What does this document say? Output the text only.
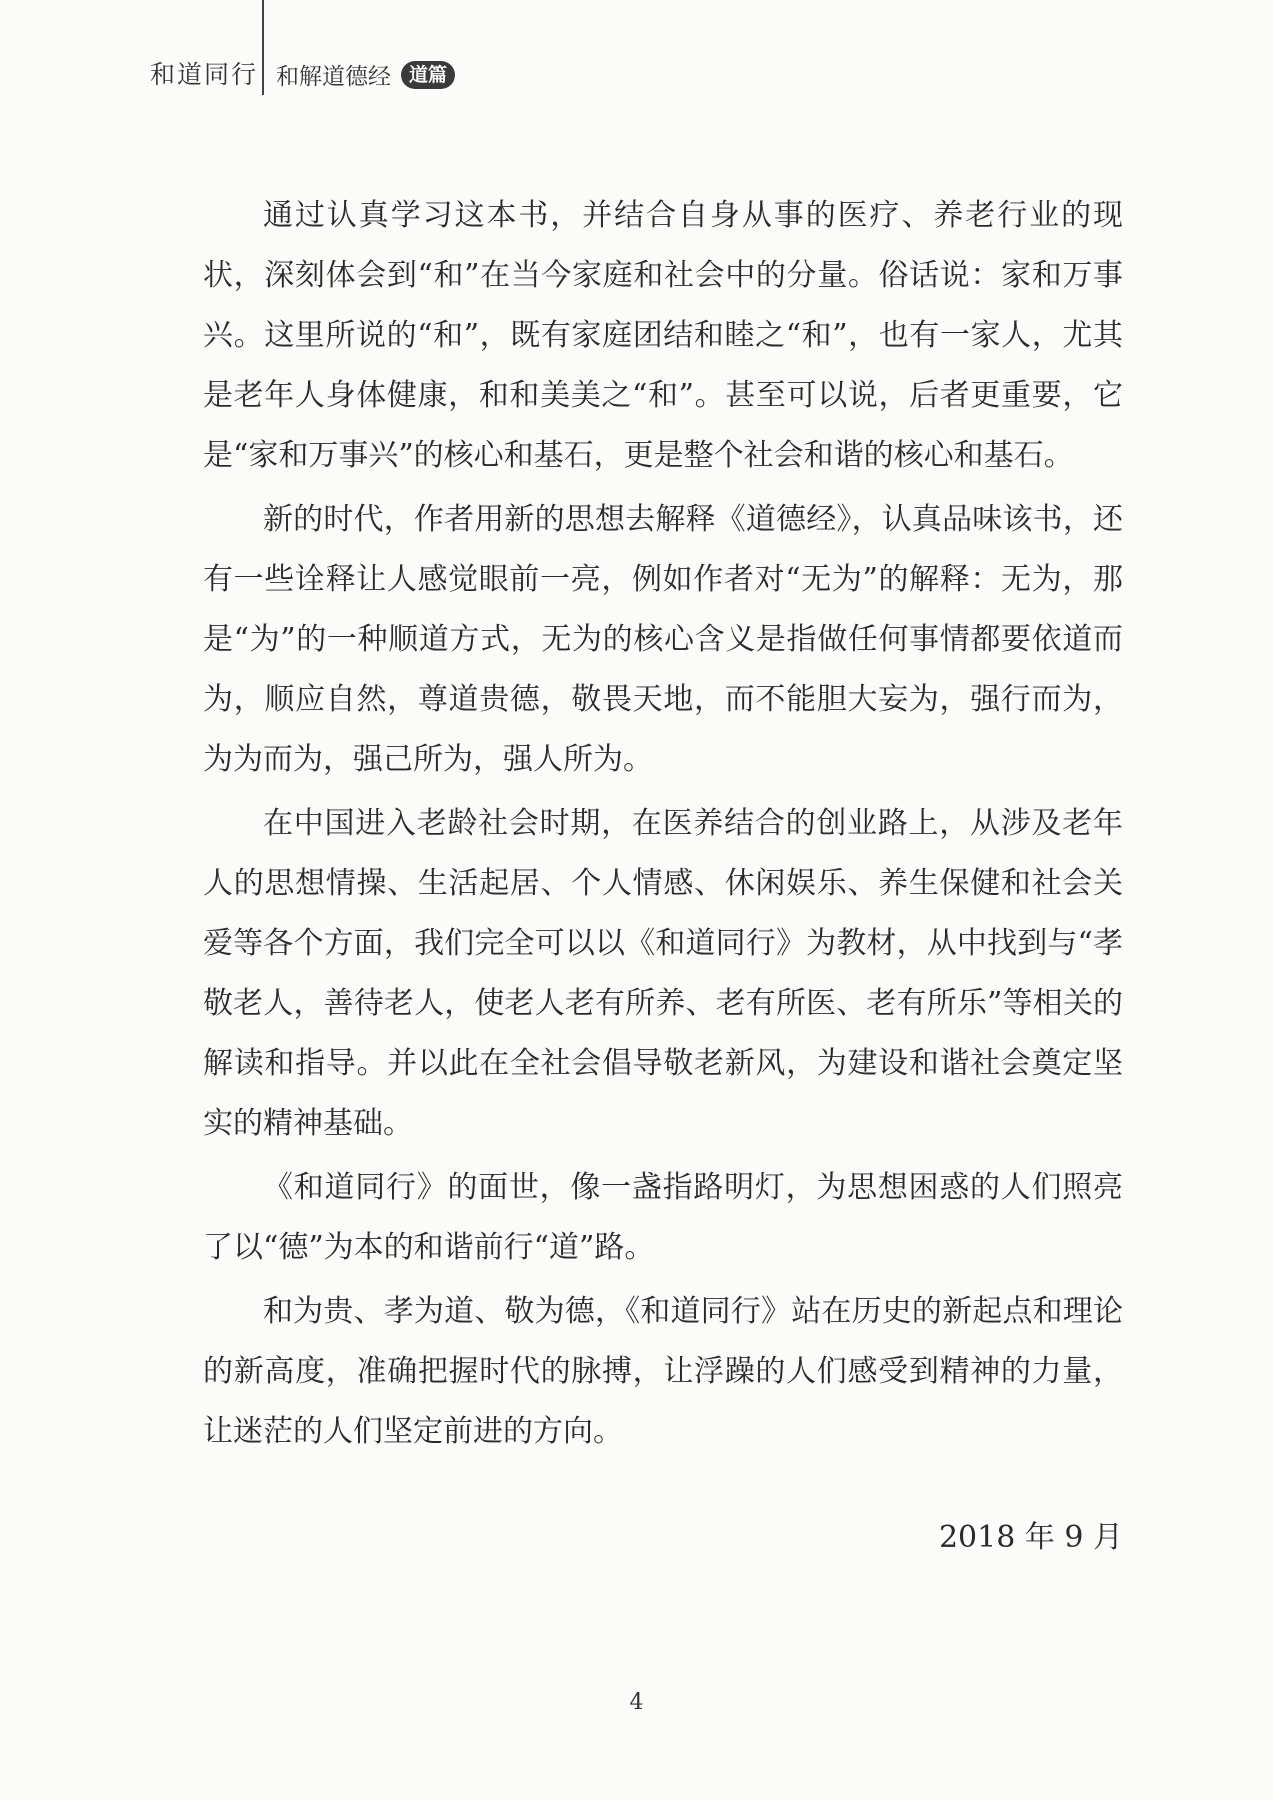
和道同行 和解道德经 道篇

通过认真学习这本书，并结合自身从事的医疗、养老行业的现状，深刻体会到“和”在当今家庭和社会中的分量。俗话说：家和万事兴。这里所说的“和”，既有家庭团结和睦之“和”，也有一家人，尤其是老年人身体健康，和和美美之“和”。甚至可以说，后者更重要，它是“家和万事兴”的核心和基石，更是整个社会和谐的核心和基石。

新的时代，作者用新的思想去解释《道德经》，认真品味该书，还有一些诠释让人感觉眼前一亮，例如作者对“无为”的解释：无为，那是“为”的一种顺道方式，无为的核心含义是指做任何事情都要依道而为，顺应自然，尊道贵德，敬畏天地，而不能胆大妄为，强行而为，为为而为，强己所为，强人所为。

在中国进入老龄社会时期，在医养结合的创业路上，从涉及老年人的思想情操、生活起居、个人情感、休闲娱乐、养生保健和社会关爱等各个方面，我们完全可以以《和道同行》为教材，从中找到与“孝敬老人，善待老人，使老人老有所养、老有所医、老有所乐”等相关的解读和指导。并以此在全社会倡导敬老新风，为建设和谐社会奠定坚实的精神基础。

《和道同行》的面世，像一盏指路明灯，为思想困惑的人们照亮了以“德”为本的和谐前行“道”路。

和为贵、孝为道、敬为德，《和道同行》站在历史的新起点和理论的新高度，准确把握时代的脉搏，让浮躁的人们感受到精神的力量，让迷茫的人们坚定前进的方向。

2018 年 9 月
4
